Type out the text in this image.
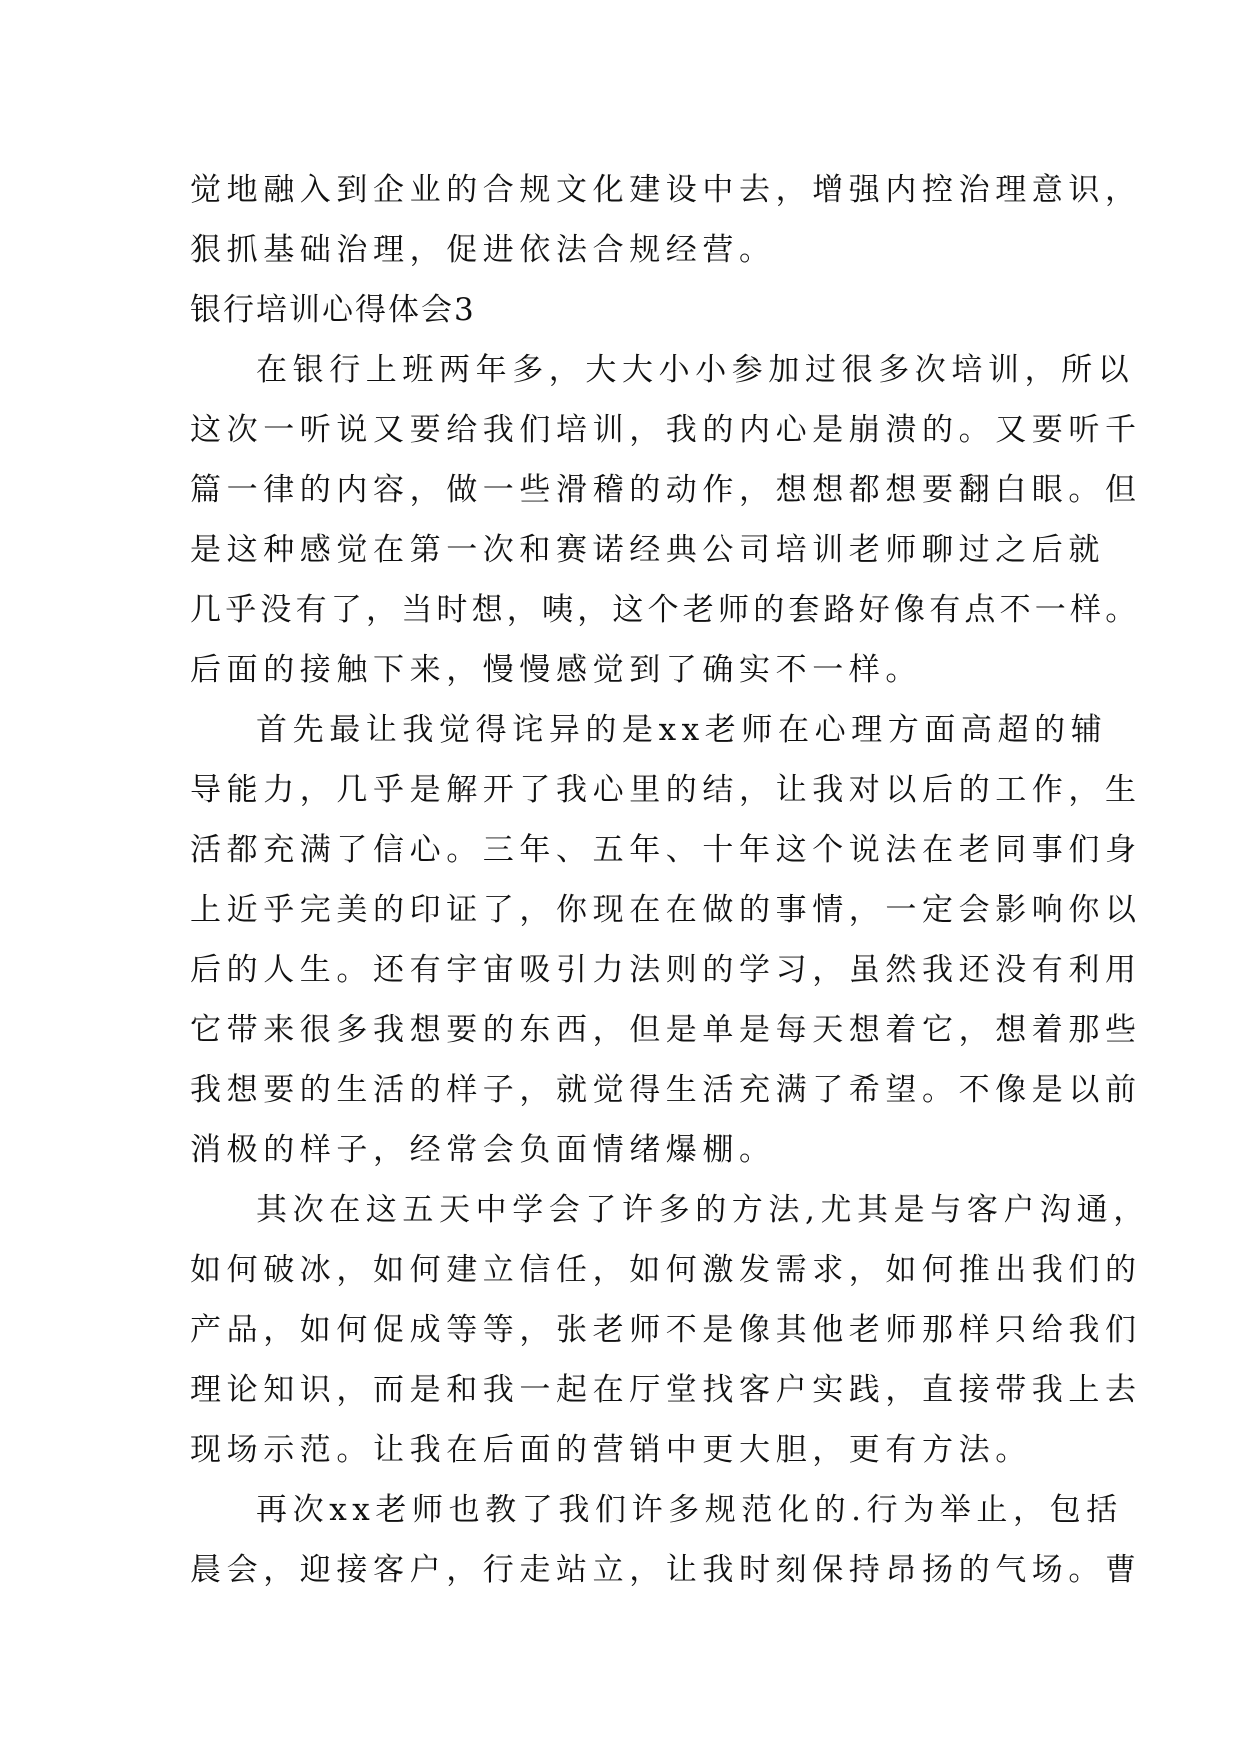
觉地融入到企业的合规文化建设中去，增强内控治理意识，
狠抓基础治理，促进依法合规经营。
银行培训心得体会3
在银行上班两年多，大大小小参加过很多次培训，所以
这次一听说又要给我们培训，我的内心是崩溃的。又要听千
篇一律的内容，做一些滑稽的动作，想想都想要翻白眼。但
是这种感觉在第一次和赛诺经典公司培训老师聊过之后就
几乎没有了，当时想，咦，这个老师的套路好像有点不一样。
后面的接触下来，慢慢感觉到了确实不一样。
首先最让我觉得诧异的是xx老师在心理方面高超的辅
导能力，几乎是解开了我心里的结，让我对以后的工作，生
活都充满了信心。三年、五年、十年这个说法在老同事们身
上近乎完美的印证了，你现在在做的事情，一定会影响你以
后的人生。还有宇宙吸引力法则的学习，虽然我还没有利用
它带来很多我想要的东西，但是单是每天想着它，想着那些
我想要的生活的样子，就觉得生活充满了希望。不像是以前
消极的样子，经常会负面情绪爆棚。
其次在这五天中学会了许多的方法,尤其是与客户沟通，
如何破冰，如何建立信任，如何激发需求，如何推出我们的
产品，如何促成等等，张老师不是像其他老师那样只给我们
理论知识，而是和我一起在厅堂找客户实践，直接带我上去
现场示范。让我在后面的营销中更大胆，更有方法。
再次xx老师也教了我们许多规范化的.行为举止，包括
晨会，迎接客户，行走站立，让我时刻保持昂扬的气场。曹
